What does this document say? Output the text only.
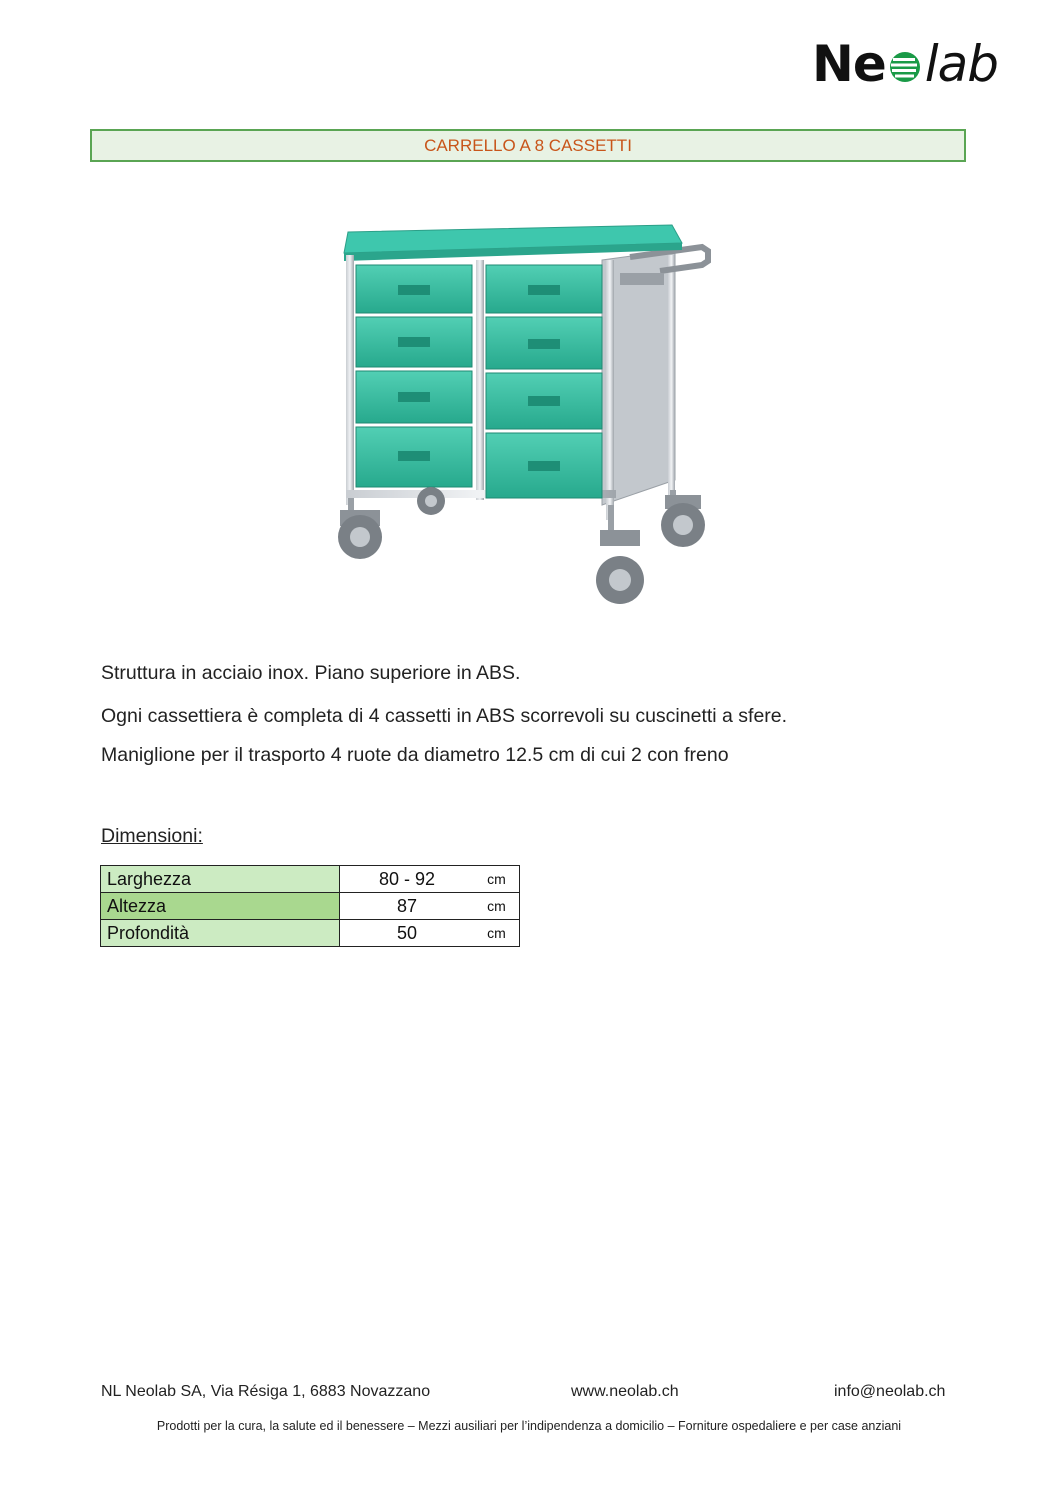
Ne lab
CARRELLO A 8 CASSETTI
Struttura in acciaio inox. Piano superiore in ABS.
Ogni cassettiera è completa di 4 cassetti in ABS scorrevoli su cuscinetti a sfere.
Maniglione per il trasporto 4 ruote da diametro 12.5 cm di cui 2 con freno
Dimensioni:
Larghezza	80 - 92	cm
Altezza	87	cm
Profondità	50	cm
NL Neolab SA, Via Résiga 1, 6883 Novazzano	www.neolab.ch	info@neolab.ch
Prodotti per la cura, la salute ed il benessere – Mezzi ausiliari per l’indipendenza a domicilio – Forniture ospedaliere e per case anziani
